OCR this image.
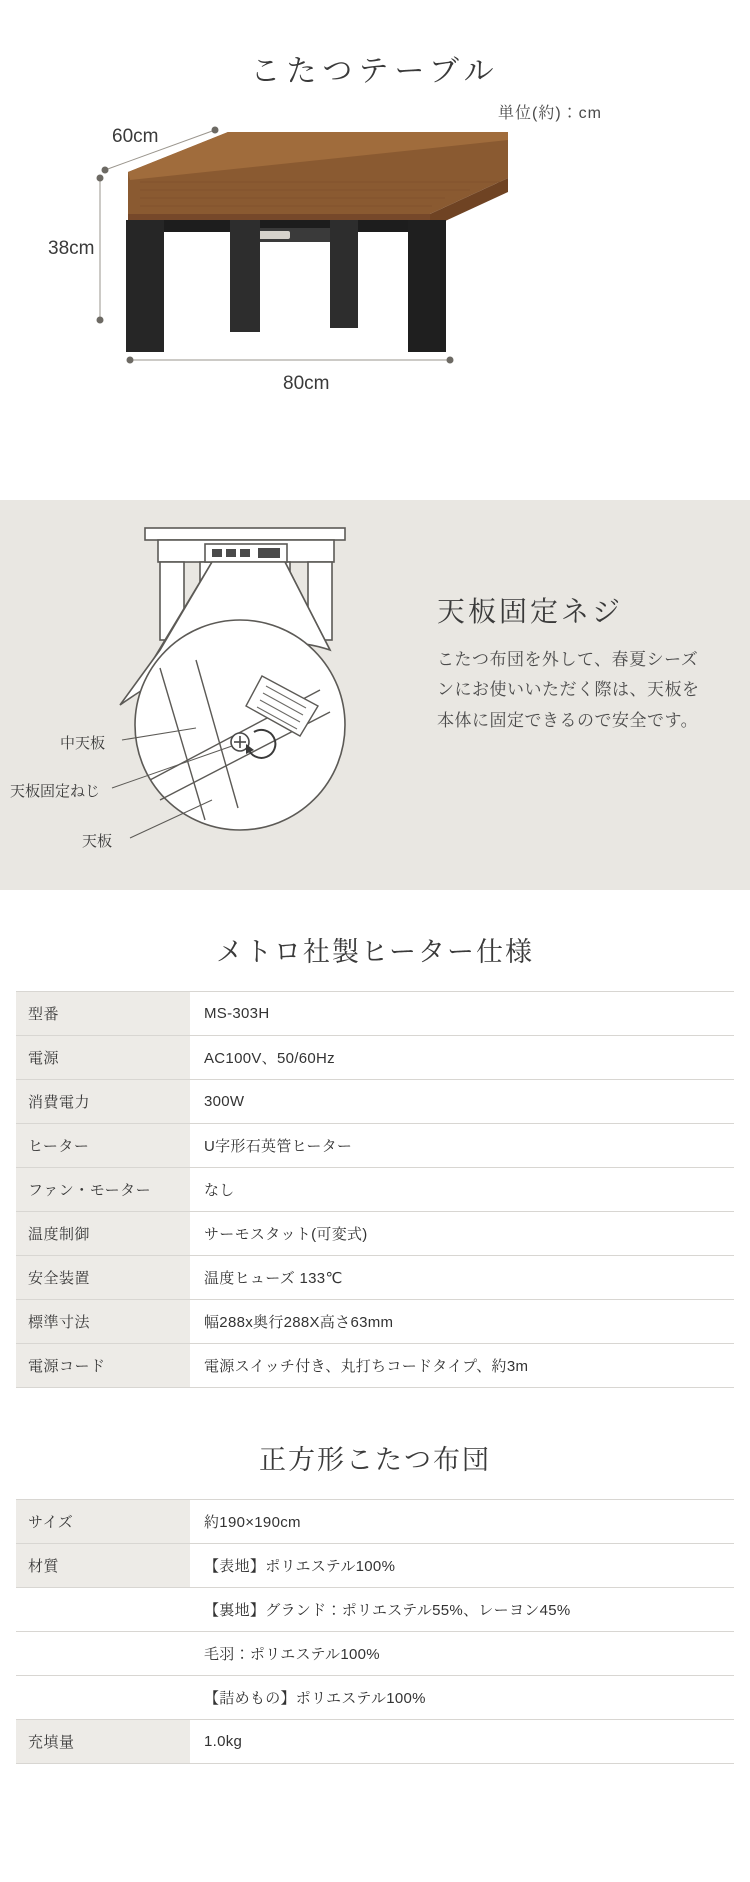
こたつテーブル
単位(約)：cm
60cm
38cm
80cm
中天板
天板固定ねじ
天板
天板固定ネジ
こたつ布団を外して、春夏シーズンにお使いいただく際は、天板を本体に固定できるので安全です。
メトロ社製ヒーター仕様
型番	MS-303H
電源	AC100V、50/60Hz
消費電力	300W
ヒーター	U字形石英管ヒーター
ファン・モーター	なし
温度制御	サーモスタット(可変式)
安全装置	温度ヒューズ 133℃
標準寸法	幅288x奥行288X高さ63mm
電源コード	電源スイッチ付き、丸打ちコードタイプ、約3m
正方形こたつ布団
サイズ	約190×190cm
材質	【表地】ポリエステル100%
	【裏地】グランド：ポリエステル55%、レーヨン45%
	毛羽：ポリエステル100%
	【詰めもの】ポリエステル100%
充填量	1.0kg
